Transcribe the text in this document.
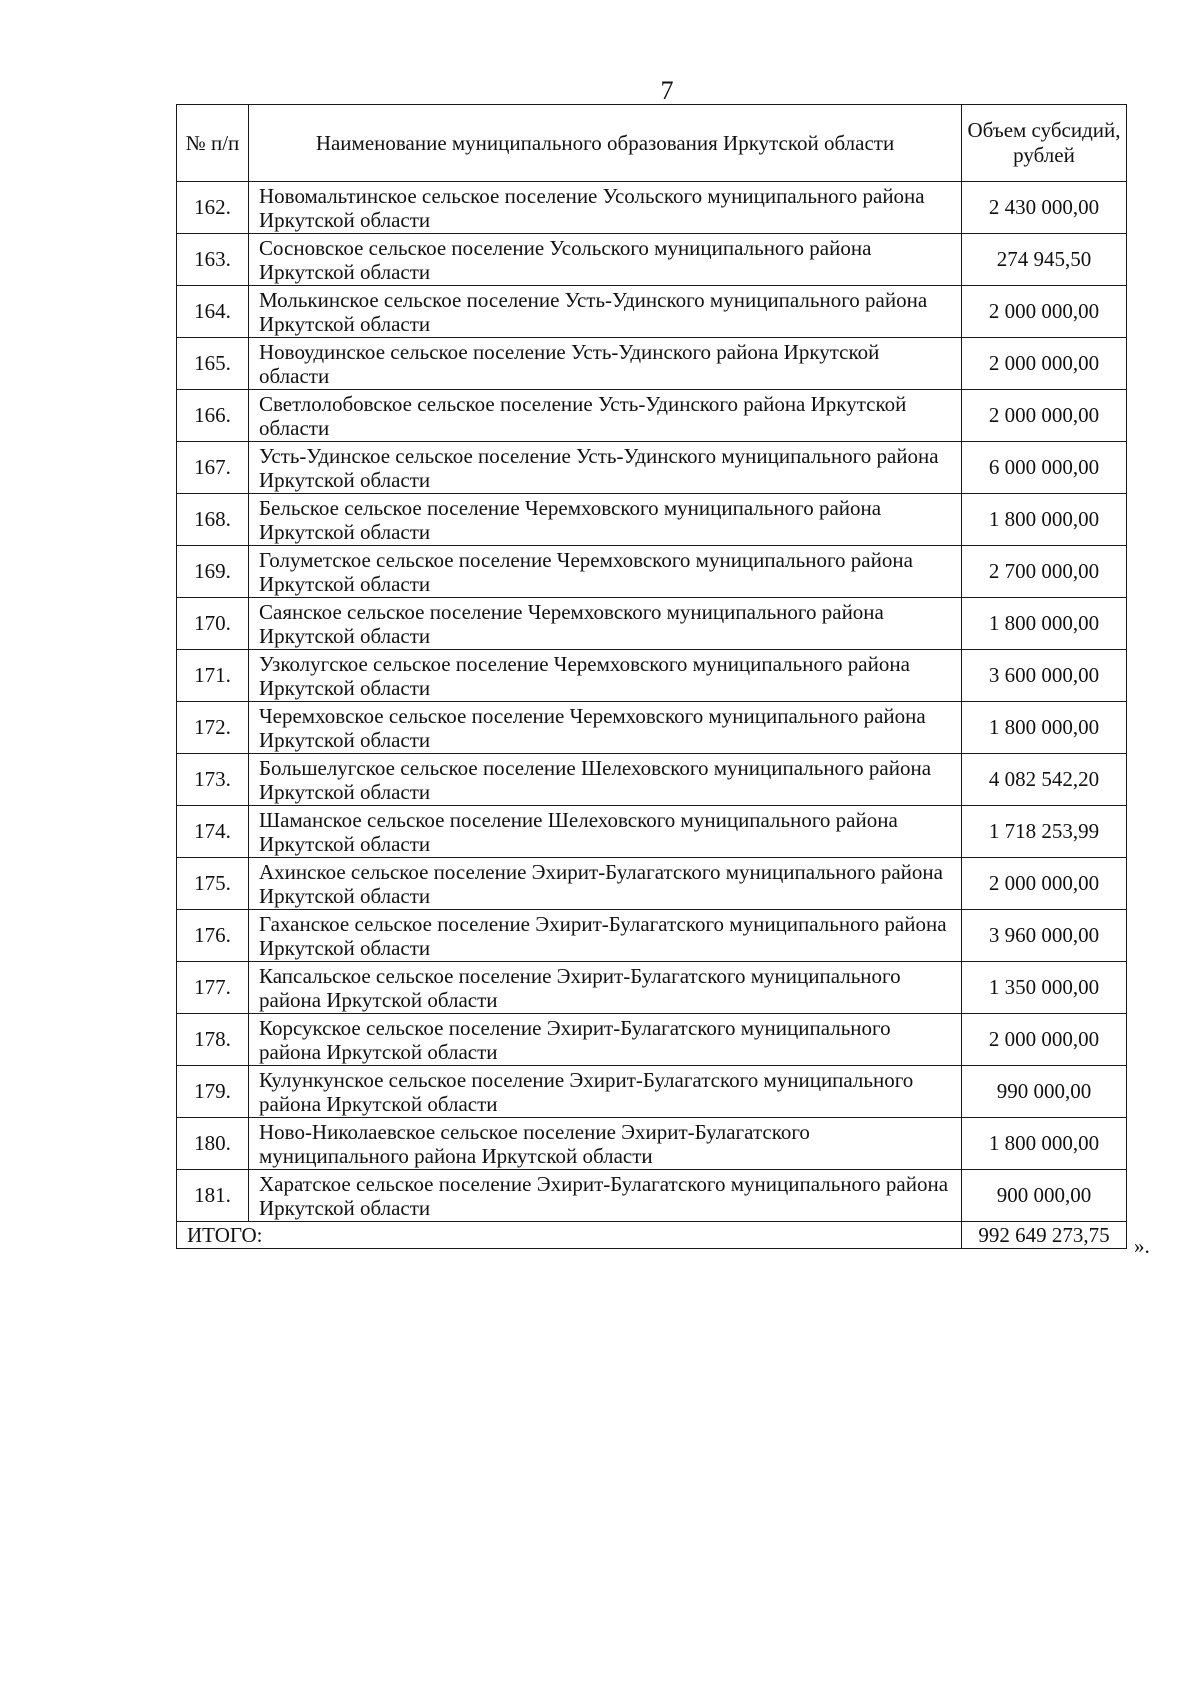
7
№ п/п	Наименование муниципального образования Иркутской области	Объем субсидий, рублей
162.	Новомальтинское сельское поселение Усольского муниципального района Иркутской области	2 430 000,00
163.	Сосновское сельское поселение Усольского муниципального района Иркутской области	274 945,50
164.	Молькинское сельское поселение Усть-Удинского муниципального района Иркутской области	2 000 000,00
165.	Новоудинское сельское поселение Усть-Удинского района Иркутской области	2 000 000,00
166.	Светлолобовское сельское поселение Усть-Удинского района Иркутской области	2 000 000,00
167.	Усть-Удинское сельское поселение Усть-Удинского муниципального района Иркутской области	6 000 000,00
168.	Бельское сельское поселение Черемховского муниципального района Иркутской области	1 800 000,00
169.	Голуметское сельское поселение Черемховского муниципального района Иркутской области	2 700 000,00
170.	Саянское сельское поселение Черемховского муниципального района Иркутской области	1 800 000,00
171.	Узколугское сельское поселение Черемховского муниципального района Иркутской области	3 600 000,00
172.	Черемховское сельское поселение Черемховского муниципального района Иркутской области	1 800 000,00
173.	Большелугское сельское поселение Шелеховского муниципального района Иркутской области	4 082 542,20
174.	Шаманское сельское поселение Шелеховского муниципального района Иркутской области	1 718 253,99
175.	Ахинское сельское поселение Эхирит-Булагатского муниципального района Иркутской области	2 000 000,00
176.	Гаханское сельское поселение Эхирит-Булагатского муниципального района Иркутской области	3 960 000,00
177.	Капсальское сельское поселение Эхирит-Булагатского муниципального района Иркутской области	1 350 000,00
178.	Корсукское сельское поселение Эхирит-Булагатского муниципального района Иркутской области	2 000 000,00
179.	Кулункунское сельское поселение Эхирит-Булагатского муниципального района Иркутской области	990 000,00
180.	Ново-Николаевское сельское поселение Эхирит-Булагатского муниципального района Иркутской области	1 800 000,00
181.	Харатское сельское поселение Эхирит-Булагатского муниципального района Иркутской области	900 000,00
ИТОГО:		992 649 273,75 ».
